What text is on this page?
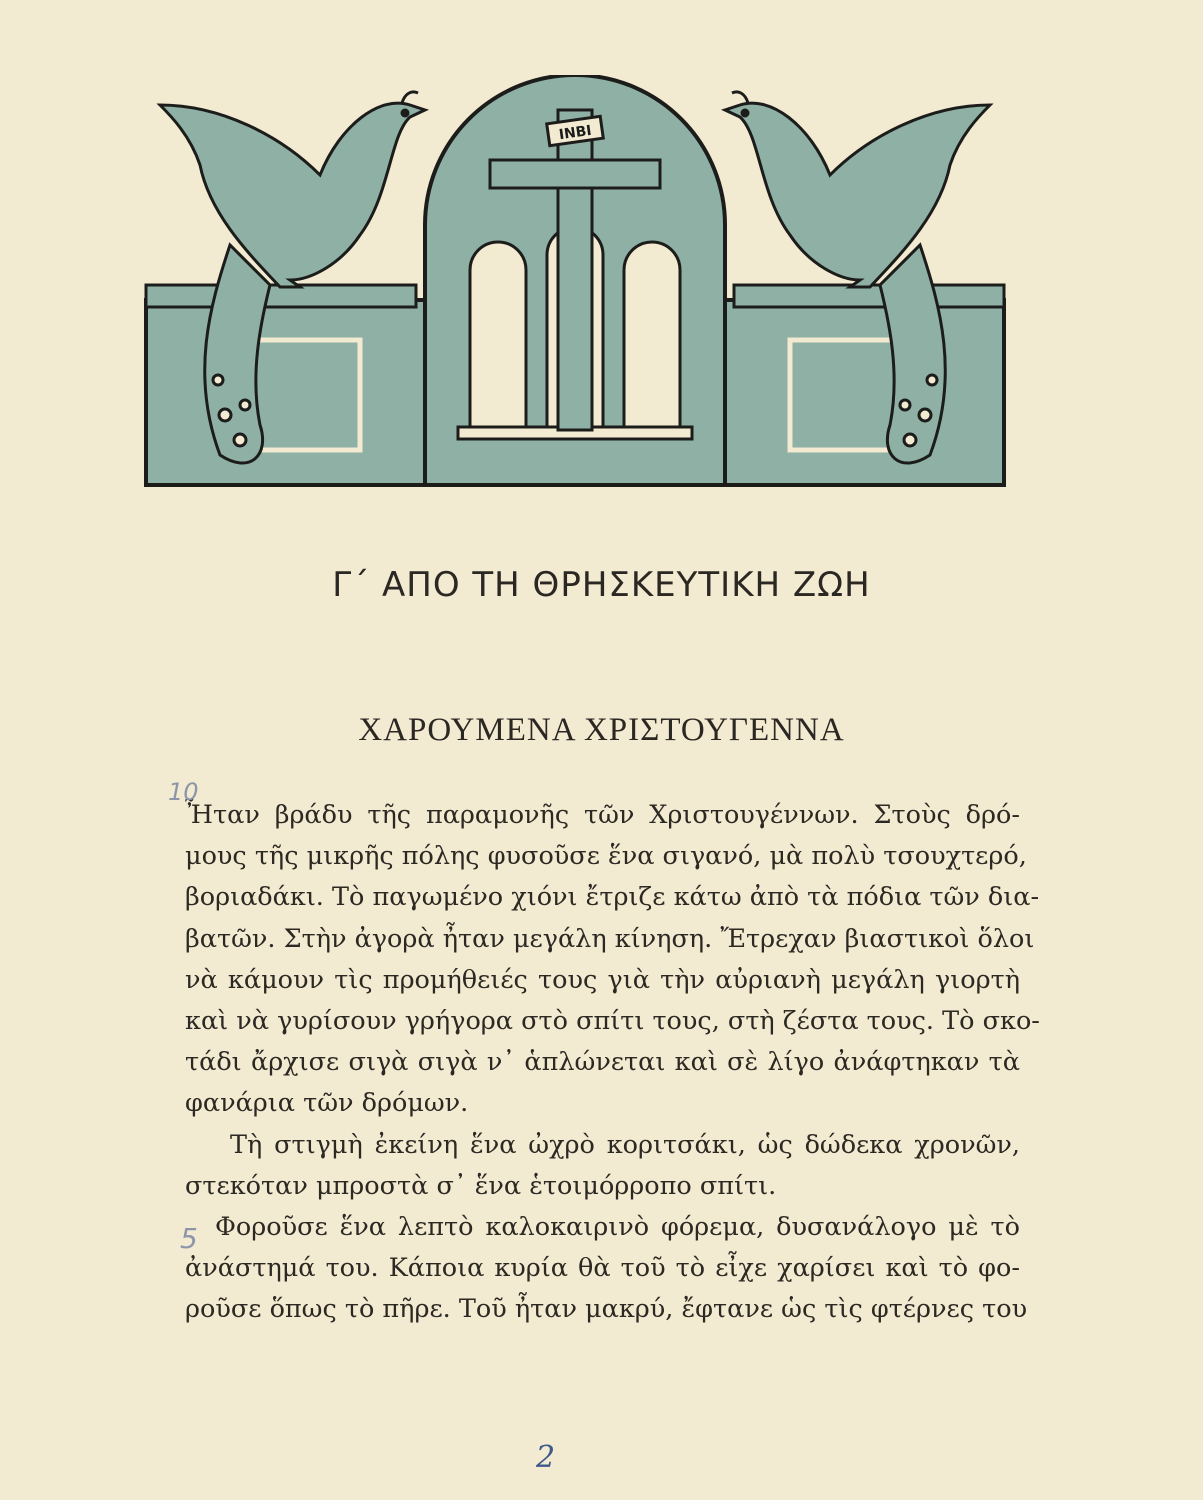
INBI
Γ΄ ΑΠΟ ΤΗ ΘΡΗΣΚΕΥΤΙΚΗ ΖΩΗ
ΧΑΡΟΥΜΕΝΑ ΧΡΙΣΤΟΥΓΕΝΝΑ
Ἦταν βράδυ τῆς παραμονῆς τῶν Χριστουγέννων. Στοὺς δρό-
μους τῆς μικρῆς πόλης φυσοῦσε ἕνα σιγανό, μὰ πολὺ τσουχτερό,
βοριαδάκι. Τὸ παγωμένο χιόνι ἔτριζε κάτω ἀπὸ τὰ πόδια τῶν δια-
βατῶν. Στὴν ἀγορὰ ἦταν μεγάλη κίνηση. Ἔτρεχαν βιαστικοὶ ὅλοι
νὰ κάμουν τὶς προμήθειές τους γιὰ τὴν αὐριανὴ μεγάλη γιορτὴ
καὶ νὰ γυρίσουν γρήγορα στὸ σπίτι τους, στὴ ζέστα τους. Τὸ σκο-
τάδι ἄρχισε σιγὰ σιγὰ ν᾽ ἁπλώνεται καὶ σὲ λίγο ἀνάφτηκαν τὰ
φανάρια τῶν δρόμων.
Τὴ στιγμὴ ἐκείνη ἕνα ὠχρὸ κοριτσάκι, ὡς δώδεκα χρονῶν,
στεκόταν μπροστὰ σ᾽ ἕνα ἑτοιμόρροπο σπίτι.
Φοροῦσε ἕνα λεπτὸ καλοκαιρινὸ φόρεμα, δυσανάλογο μὲ τὸ
ἀνάστημά του. Κάποια κυρία θὰ τοῦ τὸ εἶχε χαρίσει καὶ τὸ φο-
ροῦσε ὅπως τὸ πῆρε. Τοῦ ἦταν μακρύ, ἔφτανε ὡς τὶς φτέρνες του
10
5
2
